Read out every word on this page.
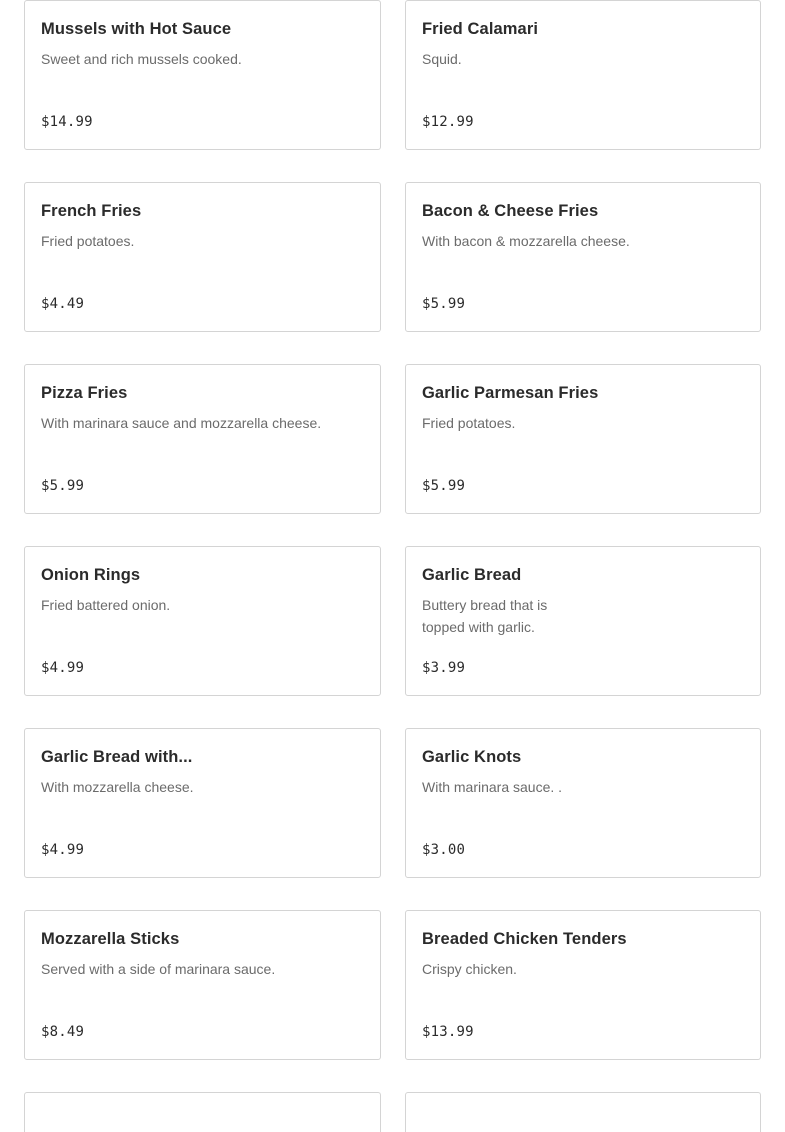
Mussels with Hot Sauce
Sweet and rich mussels cooked.
$14.99
Fried Calamari
Squid.
$12.99
French Fries
Fried potatoes.
$4.49
Bacon & Cheese Fries
With bacon & mozzarella cheese.
$5.99
Pizza Fries
With marinara sauce and mozzarella cheese.
$5.99
Garlic Parmesan Fries
Fried potatoes.
$5.99
Onion Rings
Fried battered onion.
$4.99
Garlic Bread
Buttery bread that is topped with garlic.
$3.99
Garlic Bread with...
With mozzarella cheese.
$4.99
Garlic Knots
With marinara sauce. .
$3.00
Mozzarella Sticks
Served with a side of marinara sauce.
$8.49
Breaded Chicken Tenders
Crispy chicken.
$13.99
